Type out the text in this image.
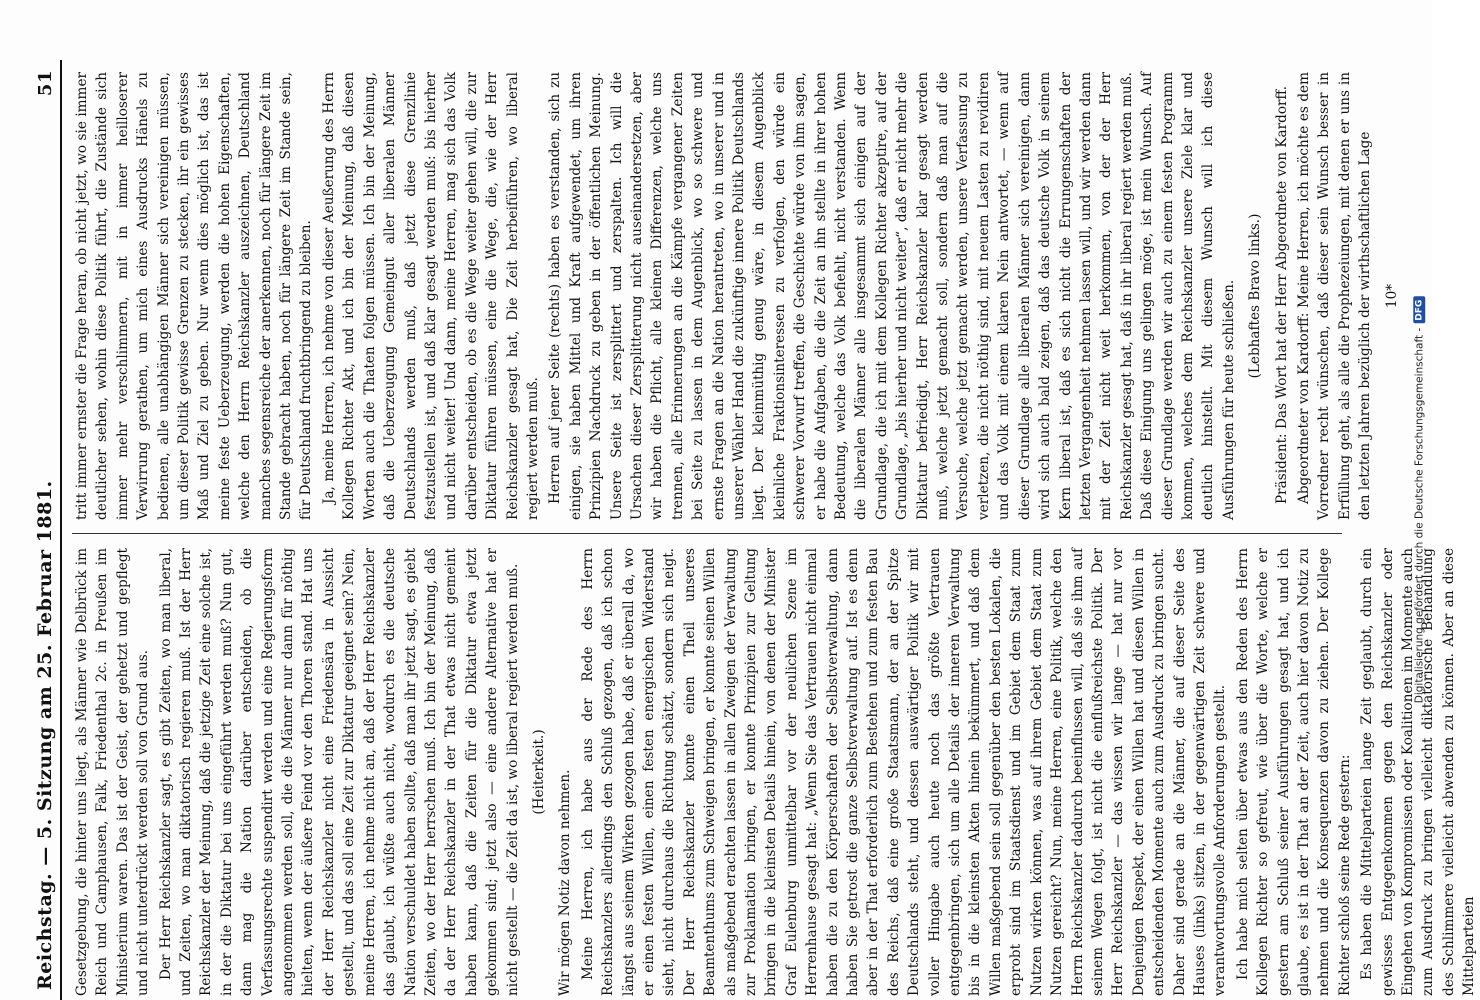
Reichstag. — 5. Sitzung am 25. Februar 1881.
51

Gesetzgebung, die hinter uns liegt, als Männer wie Delbrück im Reich und Camphausen, Falk, Friedenthal 2c. in Preußen im Ministerium waren. Das ist der Geist, der gehetzt und gepflegt und nicht unterdrückt werden soll von Grund aus. Der Herr Reichskanzler sagt, es gibt Zeiten, wo man liberal, und Zeiten, wo man diktatorisch regieren muß. Ist der Herr Reichskanzler der Meinung, daß die jetzige Zeit eine solche ist, in der die Diktatur bei uns eingeführt werden muß? Nun gut, dann mag die Nation darüber entscheiden, ob die Verfassungsrechte suspendirt werden und eine Regierungsform angenommen werden soll, die die Männer nur dann für nöthig hielten, wenn der äußere Feind vor den Thoren stand. Hat uns der Herr Reichskanzler nicht eine Friedensära in Aussicht gestellt, und das soll eine Zeit zur Diktatur geeignet sein? Nein, meine Herren, ich nehme nicht an, daß der Herr Reichskanzler das glaubt, ich wüßte auch nicht, wodurch es die deutsche Nation verschuldet haben sollte, daß man ihr jetzt sagt, es giebt Zeiten, wo der Herr herrschen muß. Ich bin der Meinung, daß da der Herr Reichskanzler in der That etwas nicht gemeint haben kann, daß die Zeiten für die Diktatur etwa jetzt gekommen sind; jetzt also — eine andere Alternative hat er nicht gestellt — die Zeit da ist, wo liberal regiert werden muß. (Heiterkeit.) Wir mögen Notiz davon nehmen. Meine Herren, ich habe aus der Rede des Herrn Reichskanzlers allerdings den Schluß gezogen, daß ich schon längst aus seinem Wirken gezogen habe, daß er überall da, wo er einen festen Willen, einen festen energischen Widerstand sieht, nicht durchaus die Richtung schätzt, sondern sich neigt. Der Herr Reichskanzler konnte einen Theil unseres Beamtenthums zum Schweigen bringen, er konnte seinen Willen als maßgebend erachten lassen in allen Zweigen der Verwaltung zur Proklamation bringen, er konnte Prinzipien zur Geltung bringen in die kleinsten Details hinein, von denen der Minister Graf Eulenburg unmittelbar vor der neulichen Szene im Herrenhause gesagt hat: „Wenn Sie das Vertrauen nicht einmal haben die zu den Körperschaften der Selbstverwaltung, dann haben Sie getrost die ganze Selbstverwaltung auf. Ist es denn aber in der That erforderlich zum Bestehen und zum festen Bau des Reichs, daß eine große Staatsmann, der an der Spitze Deutschlands steht, und dessen auswärtiger Politik wir mit voller Hingabe auch heute noch das größte Vertrauen entgegenbringen, sich um alle Details der inneren Verwaltung bis in die kleinsten Akten hinein bekümmert, und daß dem Willen maßgebend sein soll gegenüber den besten Lokalen, die erprobt sind im Staatsdienst und im Gebiet dem Staat zum Nutzen wirken können, was auf ihrem Gebiet dem Staat zum Nutzen gereicht? Nun, meine Herren, eine Politik, welche den Herrn Reichskanzler dadurch beeinflussen will, daß sie ihm auf seinem Wegen folgt, ist nicht die einflußreichste Politik. Der Herr Reichskanzler — das wissen wir lange — hat nur vor Denjenigen Respekt, der einen Willen hat und diesen Willen in entscheidenden Momente auch zum Ausdruck zu bringen sucht. Daher sind gerade an die Männer, die auf dieser Seite des Hauses (links) sitzen, in der gegenwärtigen Zeit schwere und verantwortungsvolle Anforderungen gestellt. Ich habe mich selten über etwas aus den Reden des Herrn Kollegen Richter so gefreut, wie über die Worte, welche er gestern am Schluß seiner Ausführungen gesagt hat, und ich glaube, es ist in der That an der Zeit, auch hier davon Notiz zu nehmen und die Konsequenzen davon zu ziehen. Der Kollege Richter schloß seine Rede gestern: Es haben die Mittelparteien lange Zeit geglaubt, durch ein gewisses Entgegenkommen gegen den Reichskanzler oder Eingehen von Kompromissen oder Koalitionen im Momente auch zum Ausdruck zu bringen vielleicht diktatorische Behandlung des Schlimmere vielleicht abwenden zu können. Aber an diese Mittelparteien

tritt immer ernster die Frage heran, ob nicht jetzt, wo sie immer deutlicher sehen, wohin diese Politik führt, die Zustände sich immer mehr verschlimmern, mit in immer heilloserer Verwirrung gerathen, um mich eines Ausdrucks Hänels zu bedienen, alle unabhängigen Männer sich vereinigen müssen, um dieser Politik gewisse Grenzen zu stecken, ihr ein gewisses Maß und Ziel zu geben. Nur wenn dies möglich ist, das ist meine feste Ueberzeugung, werden die hohen Eigenschaften, welche den Herrn Reichskanzler auszeichnen, Deutschland manches segensreiche der anerkennen, noch für längere Zeit im Stande gebracht haben, noch für längere Zeit im Stande sein, für Deutschland fruchtbringend zu bleiben. Ja, meine Herren, ich nehme von dieser Aeußerung des Herrn Kollegen Richter Akt, und ich bin der Meinung, daß diesen Worten auch die Thaten folgen müssen. Ich bin der Meinung, daß die Ueberzeugung Gemeingut aller liberalen Männer Deutschlands werden muß, daß jetzt diese Grenzlinie festzustellen ist, und daß klar gesagt werden muß: bis hierher und nicht weiter! Und dann, meine Herren, mag sich das Volk darüber entscheiden, ob es die Wege weiter gehen will, die zur Diktatur führen müssen, eine die Wege, die, wie der Herr Reichskanzler gesagt hat, Die Zeit herbeiführen, wo liberal regiert werden muß. Herren auf jener Seite (rechts) haben es verstanden, sich zu einigen, sie haben Mittel und Kraft aufgewendet, um ihren Prinzipien Nachdruck zu geben in der öffentlichen Meinung. Unsere Seite ist zersplittert und zerspalten. Ich will die Ursachen dieser Zersplitterung nicht auseinandersetzen, aber wir haben die Pflicht, alle kleinen Differenzen, welche uns trennen, alle Erinnerungen an die Kämpfe vergangener Zeiten bei Seite zu lassen in dem Augenblick, wo so schwere und ernste Fragen an die Nation herantreten, wo in unserer und in unserer Wähler Hand die zukünftige innere Politik Deutschlands liegt. Der kleinmüthig genug wäre, in diesem Augenblick kleinliche Fraktionsinteressen zu verfolgen, den würde ein schwerer Vorwurf treffen, die Geschichte würde von ihm sagen, er habe die Aufgaben, die die Zeit an ihn stellte in ihrer hohen Bedeutung, welche das Volk befiehlt, nicht verstanden. Wenn die liberalen Männer alle insgesammt sich einigen auf der Grundlage, die ich mit dem Kollegen Richter akzeptire, auf der Grundlage, „bis hierher und nicht weiter“, daß er nicht mehr die Diktatur befriedigt, Herr Reichskanzler klar gesagt werden muß, welche jetzt gemacht soll, sondern daß man auf die Versuche, welche jetzt gemacht werden, unsere Verfassung zu verletzen, die nicht nöthig sind, mit neuem Lasten zu revidiren und das Volk mit einem klaren Nein antwortet, — wenn auf dieser Grundlage alle liberalen Männer sich vereinigen, dann wird sich auch bald zeigen, daß das deutsche Volk in seinem Kern liberal ist, daß es sich nicht die Errungenschaften der letzten Vergangenheit nehmen lassen will, und wir werden dann mit der Zeit nicht weit herkommen, von der der Herr Reichskanzler gesagt hat, daß in ihr liberal regiert werden muß. Daß diese Einigung uns gelingen möge, ist mein Wunsch. Auf dieser Grundlage werden wir auch zu einem festen Programm kommen, welches dem Reichskanzler unsere Ziele klar und deutlich hinstellt. Mit diesem Wunsch will ich diese Ausführungen für heute schließen. (Lebhaftes Bravo links.) Präsident: Das Wort hat der Herr Abgeordnete von Kardorff. Abgeordneter von Kardorff: Meine Herren, ich möchte es dem Vorredner recht wünschen, daß dieser sein Wunsch besser in Erfüllung geht, als alle die Prophezeiungen, mit denen er uns in den letzten Jahren bezüglich der wirthschaftlichen Lage 10*

Digitalisierung gefördert durch die Deutsche Forschungsgemeinschaft -
DFG
